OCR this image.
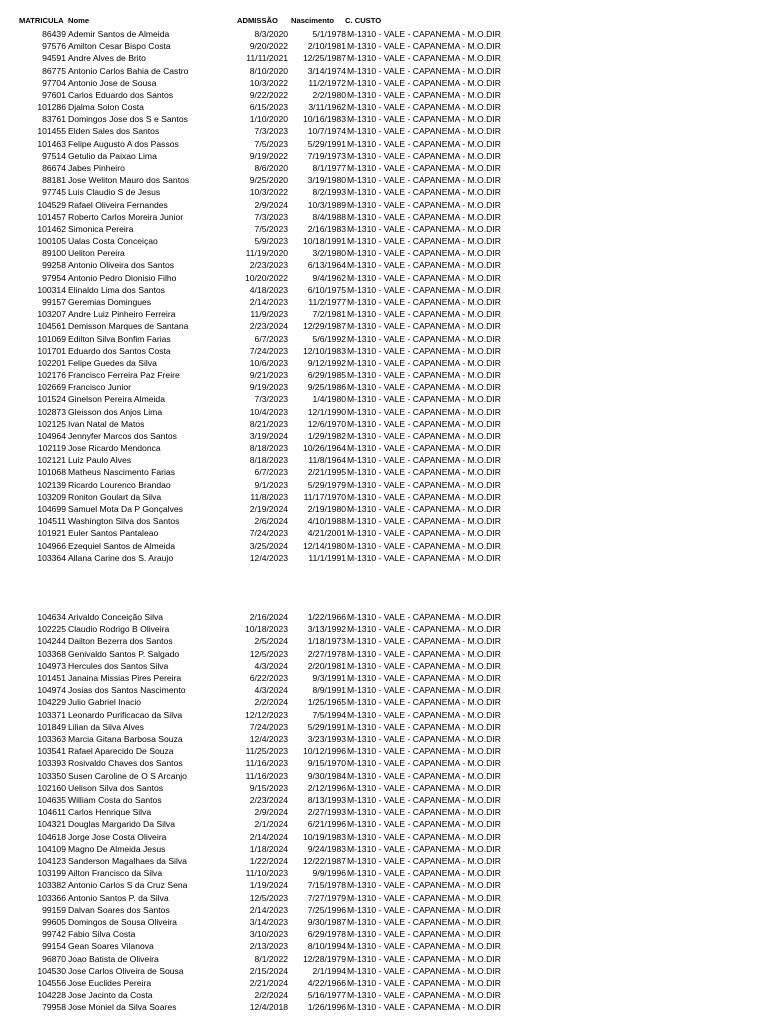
MATRICULA Nome	ADMISSÃO Nascimento C. CUSTO
86439 Ademir Santos de Almeida	8/3/2020	5/1/1978 M-1310 - VALE - CAPANEMA - M.O.DIR
97576 Amilton Cesar Bispo Costa	9/20/2022	2/10/1981 M-1310 - VALE - CAPANEMA - M.O.DIR
94591 Andre Alves de Brito	11/11/2021	12/25/1987 M-1310 - VALE - CAPANEMA - M.O.DIR
86775 Antonio Carlos Bahia de Castro	8/10/2020	3/14/1974 M-1310 - VALE - CAPANEMA - M.O.DIR
97704 Antonio Jose de Sousa	10/3/2022	11/2/1972 M-1310 - VALE - CAPANEMA - M.O.DIR
97601 Carlos Eduardo dos Santos	9/22/2022	2/2/1980 M-1310 - VALE - CAPANEMA - M.O.DIR
101286 Djalma Solon Costa	6/15/2023	3/11/1962 M-1310 - VALE - CAPANEMA - M.O.DIR
83761 Domingos Jose dos S e Santos	1/10/2020	10/16/1983 M-1310 - VALE - CAPANEMA - M.O.DIR
101455 Elden Sales dos Santos	7/3/2023	10/7/1974 M-1310 - VALE - CAPANEMA - M.O.DIR
101463 Felipe Augusto A dos Passos	7/5/2023	5/29/1991 M-1310 - VALE - CAPANEMA - M.O.DIR
97514 Getulio da Paixao Lima	9/19/2022	7/19/1973 M-1310 - VALE - CAPANEMA - M.O.DIR
86674 Jabes Pinheiro	8/6/2020	8/1/1977 M-1310 - VALE - CAPANEMA - M.O.DIR
88181 Jose Weliton Mauro dos Santos	9/25/2020	3/19/1980 M-1310 - VALE - CAPANEMA - M.O.DIR
97745 Luis Claudio S de Jesus	10/3/2022	8/2/1993 M-1310 - VALE - CAPANEMA - M.O.DIR
104529 Rafael Oliveira Fernandes	2/9/2024	10/3/1989 M-1310 - VALE - CAPANEMA - M.O.DIR
101457 Roberto Carlos Moreira Junior	7/3/2023	8/4/1988 M-1310 - VALE - CAPANEMA - M.O.DIR
101462 Simonica Pereira	7/5/2023	2/16/1983 M-1310 - VALE - CAPANEMA - M.O.DIR
100105 Ualas Costa Conceiçao	5/9/2023	10/18/1991 M-1310 - VALE - CAPANEMA - M.O.DIR
89100 Ueliton Pereira	11/19/2020	3/2/1980 M-1310 - VALE - CAPANEMA - M.O.DIR
99258 Antonio Oliveira dos Santos	2/23/2023	6/13/1964 M-1310 - VALE - CAPANEMA - M.O.DIR
97954 Antonio Pedro Dionisio Filho	10/20/2022	9/4/1962 M-1310 - VALE - CAPANEMA - M.O.DIR
100314 Elinaldo Lima dos Santos	4/18/2023	6/10/1975 M-1310 - VALE - CAPANEMA - M.O.DIR
99157 Geremias Domingues	2/14/2023	11/2/1977 M-1310 - VALE - CAPANEMA - M.O.DIR
103207 Andre Luiz Pinheiro Ferreira	11/9/2023	7/2/1981 M-1310 - VALE - CAPANEMA - M.O.DIR
104561 Demisson Marques de Santana	2/23/2024	12/29/1987 M-1310 - VALE - CAPANEMA - M.O.DIR
101069 Edilton Silva Bonfim Farias	6/7/2023	5/6/1992 M-1310 - VALE - CAPANEMA - M.O.DIR
101701 Eduardo dos Santos Costa	7/24/2023	12/10/1983 M-1310 - VALE - CAPANEMA - M.O.DIR
102201 Felipe Guedes da Silva	10/6/2023	9/12/1992 M-1310 - VALE - CAPANEMA - M.O.DIR
102176 Francisco Ferreira Paz Freire	9/21/2023	6/29/1985 M-1310 - VALE - CAPANEMA - M.O.DIR
102669 Francisco Junior	9/19/2023	9/25/1986 M-1310 - VALE - CAPANEMA - M.O.DIR
101524 Ginelson Pereira Almeida	7/3/2023	1/4/1980 M-1310 - VALE - CAPANEMA - M.O.DIR
102873 Gleisson dos Anjos Lima	10/4/2023	12/1/1990 M-1310 - VALE - CAPANEMA - M.O.DIR
102125 Ivan Natal de Matos	8/21/2023	12/6/1970 M-1310 - VALE - CAPANEMA - M.O.DIR
104964 Jennyfer Marcos dos Santos	3/19/2024	1/29/1982 M-1310 - VALE - CAPANEMA - M.O.DIR
102119 Jose Ricardo Mendonca	8/18/2023	10/26/1964 M-1310 - VALE - CAPANEMA - M.O.DIR
102121 Luiz Paulo Alves	8/18/2023	11/8/1964 M-1310 - VALE - CAPANEMA - M.O.DIR
101068 Matheus Nascimento Farias	6/7/2023	2/21/1995 M-1310 - VALE - CAPANEMA - M.O.DIR
102139 Ricardo Lourenco Brandao	9/1/2023	5/29/1979 M-1310 - VALE - CAPANEMA - M.O.DIR
103209 Roniton Goulart da Silva	11/8/2023	11/17/1970 M-1310 - VALE - CAPANEMA - M.O.DIR
104699 Samuel Mota Da P Gonçalves	2/19/2024	2/19/1980 M-1310 - VALE - CAPANEMA - M.O.DIR
104511 Washington Silva dos Santos	2/6/2024	4/10/1988 M-1310 - VALE - CAPANEMA - M.O.DIR
101921 Euler Santos Pantaleao	7/24/2023	4/21/2001 M-1310 - VALE - CAPANEMA - M.O.DIR
104966 Ezequiel Santos de Almeida	3/25/2024	12/14/1980 M-1310 - VALE - CAPANEMA - M.O.DIR
103364 Allana Carine dos S. Araujo	12/4/2023	11/1/1991 M-1310 - VALE - CAPANEMA - M.O.DIR
104634 Arivaldo Conceição Silva	2/16/2024	1/22/1966 M-1310 - VALE - CAPANEMA - M.O.DIR
102225 Claudio Rodrigo B Oliveira	10/18/2023	3/13/1992 M-1310 - VALE - CAPANEMA - M.O.DIR
104244 Dailton Bezerra dos Santos	2/5/2024	1/18/1973 M-1310 - VALE - CAPANEMA - M.O.DIR
103368 Genivaldo Santos P. Salgado	12/5/2023	2/27/1978 M-1310 - VALE - CAPANEMA - M.O.DIR
104973 Hercules dos Santos Silva	4/3/2024	2/20/1981 M-1310 - VALE - CAPANEMA - M.O.DIR
101451 Janaina Missias Pires Pereira	6/22/2023	9/3/1991 M-1310 - VALE - CAPANEMA - M.O.DIR
104974 Josias dos Santos Nascimento	4/3/2024	8/9/1991 M-1310 - VALE - CAPANEMA - M.O.DIR
104229 Julio Gabriel Inacio	2/2/2024	1/25/1965 M-1310 - VALE - CAPANEMA - M.O.DIR
103371 Leonardo Purificacao da Silva	12/12/2023	7/5/1994 M-1310 - VALE - CAPANEMA - M.O.DIR
101849 Lilian da Silva Alves	7/24/2023	5/29/1991 M-1310 - VALE - CAPANEMA - M.O.DIR
103363 Marcia Gitana Barbosa Souza	12/4/2023	3/23/1993 M-1310 - VALE - CAPANEMA - M.O.DIR
103541 Rafael Aparecido De Souza	11/25/2023	10/12/1996 M-1310 - VALE - CAPANEMA - M.O.DIR
103393 Rosivaldo Chaves dos Santos	11/16/2023	9/15/1970 M-1310 - VALE - CAPANEMA - M.O.DIR
103350 Susen Caroline de O S Arcanjo	11/16/2023	9/30/1984 M-1310 - VALE - CAPANEMA - M.O.DIR
102160 Uelison Silva dos Santos	9/15/2023	2/12/1996 M-1310 - VALE - CAPANEMA - M.O.DIR
104635 William Costa do Santos	2/23/2024	8/13/1993 M-1310 - VALE - CAPANEMA - M.O.DIR
104611 Carlos Henrique Silva	2/9/2024	2/27/1993 M-1310 - VALE - CAPANEMA - M.O.DIR
104321 Douglas Margarido Da Silva	2/1/2024	6/21/1996 M-1310 - VALE - CAPANEMA - M.O.DIR
104618 Jorge Jose Costa Oliveira	2/14/2024	10/19/1983 M-1310 - VALE - CAPANEMA - M.O.DIR
104109 Magno De Almeida Jesus	1/18/2024	9/24/1983 M-1310 - VALE - CAPANEMA - M.O.DIR
104123 Sanderson Magalhaes da Silva	1/22/2024	12/22/1987 M-1310 - VALE - CAPANEMA - M.O.DIR
103199 Ailton Francisco da Silva	11/10/2023	9/9/1996 M-1310 - VALE - CAPANEMA - M.O.DIR
103382 Antonio Carlos S da Cruz Sena	1/19/2024	7/15/1978 M-1310 - VALE - CAPANEMA - M.O.DIR
103366 Antonio Santos P. da Silva	12/5/2023	7/27/1979 M-1310 - VALE - CAPANEMA - M.O.DIR
99159 Dalvan Soares dos Santos	2/14/2023	7/25/1996 M-1310 - VALE - CAPANEMA - M.O.DIR
99605 Domingos de Sousa Oliveira	3/14/2023	9/30/1987 M-1310 - VALE - CAPANEMA - M.O.DIR
99742 Fabio Silva Costa	3/10/2023	6/29/1978 M-1310 - VALE - CAPANEMA - M.O.DIR
99154 Gean Soares Vilanova	2/13/2023	8/10/1994 M-1310 - VALE - CAPANEMA - M.O.DIR
96870 Joao Batista de Oliveira	8/1/2022	12/28/1979 M-1310 - VALE - CAPANEMA - M.O.DIR
104530 Jose Carlos Oliveira de Sousa	2/15/2024	2/1/1994 M-1310 - VALE - CAPANEMA - M.O.DIR
104556 Jose Euclides Pereira	2/21/2024	4/22/1966 M-1310 - VALE - CAPANEMA - M.O.DIR
104228 Jose Jacinto da Costa	2/2/2024	5/16/1977 M-1310 - VALE - CAPANEMA - M.O.DIR
79958 Jose Moniel da Silva Soares	12/4/2018	1/26/1996 M-1310 - VALE - CAPANEMA - M.O.DIR
